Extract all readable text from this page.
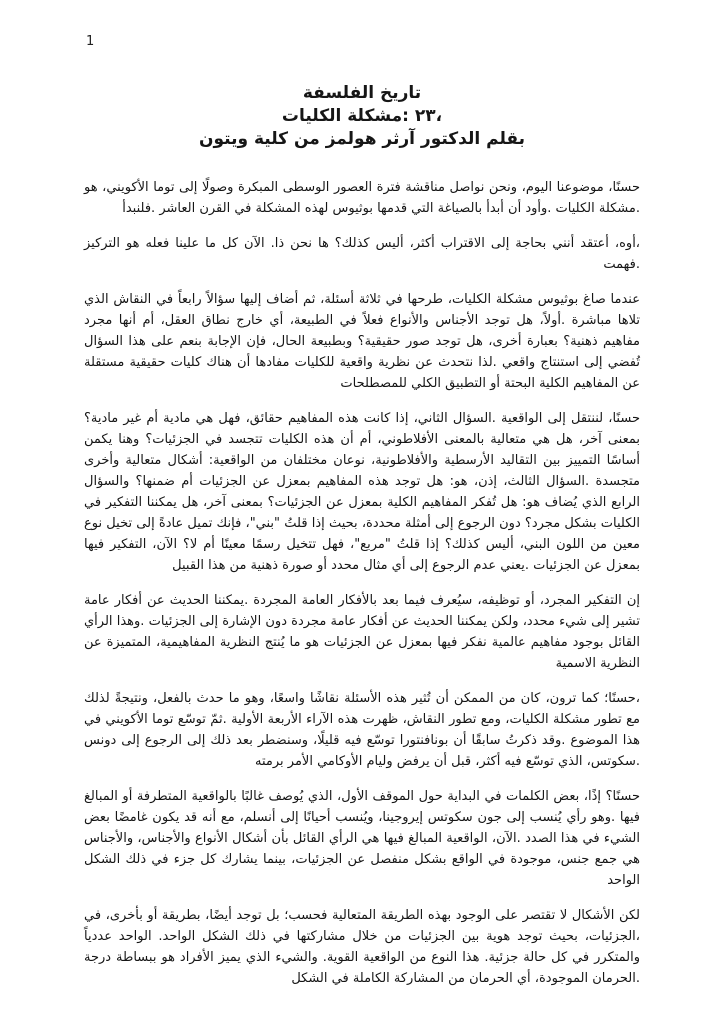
1

تاريخ الفلسفة

،٢٣ :مشكلة الكليات

بقلم الدكتور آرثر هولمز من كلية ويتون

حسنًا، موضوعنا اليوم، ونحن نواصل مناقشة فترة العصور الوسطى المبكرة وصولًا إلى توما الأكويني، هو .مشكلة الكليات .وأود أن أبدأ بالصياغة التي قدمها بوثيوس لهذه المشكلة في القرن العاشر .فلنبدأ

،أوه، أعتقد أنني بحاجة إلى الاقتراب أكثر، أليس كذلك؟ ها نحن ذا. الآن كل ما علينا فعله هو التركيز .فهمت

عندما صاغ بوثيوس مشكلة الكليات، طرحها في ثلاثة أسئلة، ثم أضاف إليها سؤالاً رابعاً في النقاش الذي تلاها مباشرة .أولاً، هل توجد الأجناس والأنواع فعلاً في الطبيعة، أي خارج نطاق العقل، أم أنها مجرد مفاهيم ذهنية؟ بعبارة أخرى، هل توجد صور حقيقية؟ وبطبيعة الحال، فإن الإجابة بنعم على هذا السؤال تُفضي إلى استنتاج واقعي .لذا نتحدث عن نظرية واقعية للكليات مفادها أن هناك كليات حقيقية مستقلة عن المفاهيم الكلية البحتة أو التطبيق الكلي للمصطلحات

حسنًا، لننتقل إلى الواقعية .السؤال الثاني، إذا كانت هذه المفاهيم حقائق، فهل هي مادية أم غير مادية؟ بمعنى آخر، هل هي متعالية بالمعنى الأفلاطوني، أم أن هذه الكليات تتجسد في الجزئيات؟ وهنا يكمن أساسًا التمييز بين التقاليد الأرسطية والأفلاطونية، نوعان مختلفان من الواقعية: أشكال متعالية وأخرى متجسدة .السؤال الثالث، إذن، هو: هل توجد هذه المفاهيم بمعزل عن الجزئيات أم ضمنها؟ والسؤال الرابع الذي يُضاف هو: هل تُفكر المفاهيم الكلية بمعزل عن الجزئيات؟ بمعنى آخر، هل يمكننا التفكير في الكليات بشكل مجرد؟ دون الرجوع إلى أمثلة محددة، بحيث إذا قلتُ "بني"، فإنك تميل عادةً إلى تخيل نوع معين من اللون البني، أليس كذلك؟ إذا قلتُ "مربع"، فهل تتخيل رسمًا معينًا أم لا؟ الآن، التفكير فيها بمعزل عن الجزئيات .يعني عدم الرجوع إلى أي مثال محدد أو صورة ذهنية من هذا القبيل

إن التفكير المجرد، أو توظيفه، سيُعرف فيما بعد بالأفكار العامة المجردة .يمكننا الحديث عن أفكار عامة تشير إلى شيء محدد، ولكن يمكننا الحديث عن أفكار عامة مجردة دون الإشارة إلى الجزئيات .وهذا الرأي القائل بوجود مفاهيم عالمية نفكر فيها بمعزل عن الجزئيات هو ما يُنتج النظرية المفاهيمية، المتميزة عن النظرية الاسمية

،حسنًا؛ كما ترون، كان من الممكن أن تُثير هذه الأسئلة نقاشًا واسعًا، وهو ما حدث بالفعل، ونتيجةً لذلك مع تطور مشكلة الكليات، ومع تطور النقاش، ظهرت هذه الآراء الأربعة الأولية .ثمّ توسّع توما الأكويني في هذا الموضوع .وقد ذكرتُ سابقًا أن بونافنتورا توسّع فيه قليلًا، وسنضطر بعد ذلك إلى الرجوع إلى دونس .سكوتس، الذي توسّع فيه أكثر، قبل أن يرفض وليام الأوكامي الأمر برمته

حسنًا؟ إذًا، بعض الكلمات في البداية حول الموقف الأول، الذي يُوصف غالبًا بالواقعية المتطرفة أو المبالغ فيها .وهو رأي يُنسب إلى جون سكوتس إيروجينا، ويُنسب أحيانًا إلى أنسلم، مع أنه قد يكون غامضًا بعض الشيء في هذا الصدد .الآن، الواقعية المبالغ فيها هي الرأي القائل بأن أشكال الأنواع والأجناس، والأجناس هي جمع جنس، موجودة في الواقع بشكل منفصل عن الجزئيات، بينما يشارك كل جزء في ذلك الشكل الواحد

لكن الأشكال لا تقتصر على الوجود بهذه الطريقة المتعالية فحسب؛ بل توجد أيضًا، بطريقة أو بأخرى، في ،الجزئيات، بحيث توجد هوية بين الجزئيات من خلال مشاركتها في ذلك الشكل الواحد. الواحد عددياً والمتكرر في كل حالة جزئية. هذا النوع من الواقعية القوية. والشيء الذي يميز الأفراد هو ببساطة درجة .الحرمان الموجودة، أي الحرمان من المشاركة الكاملة في الشكل
